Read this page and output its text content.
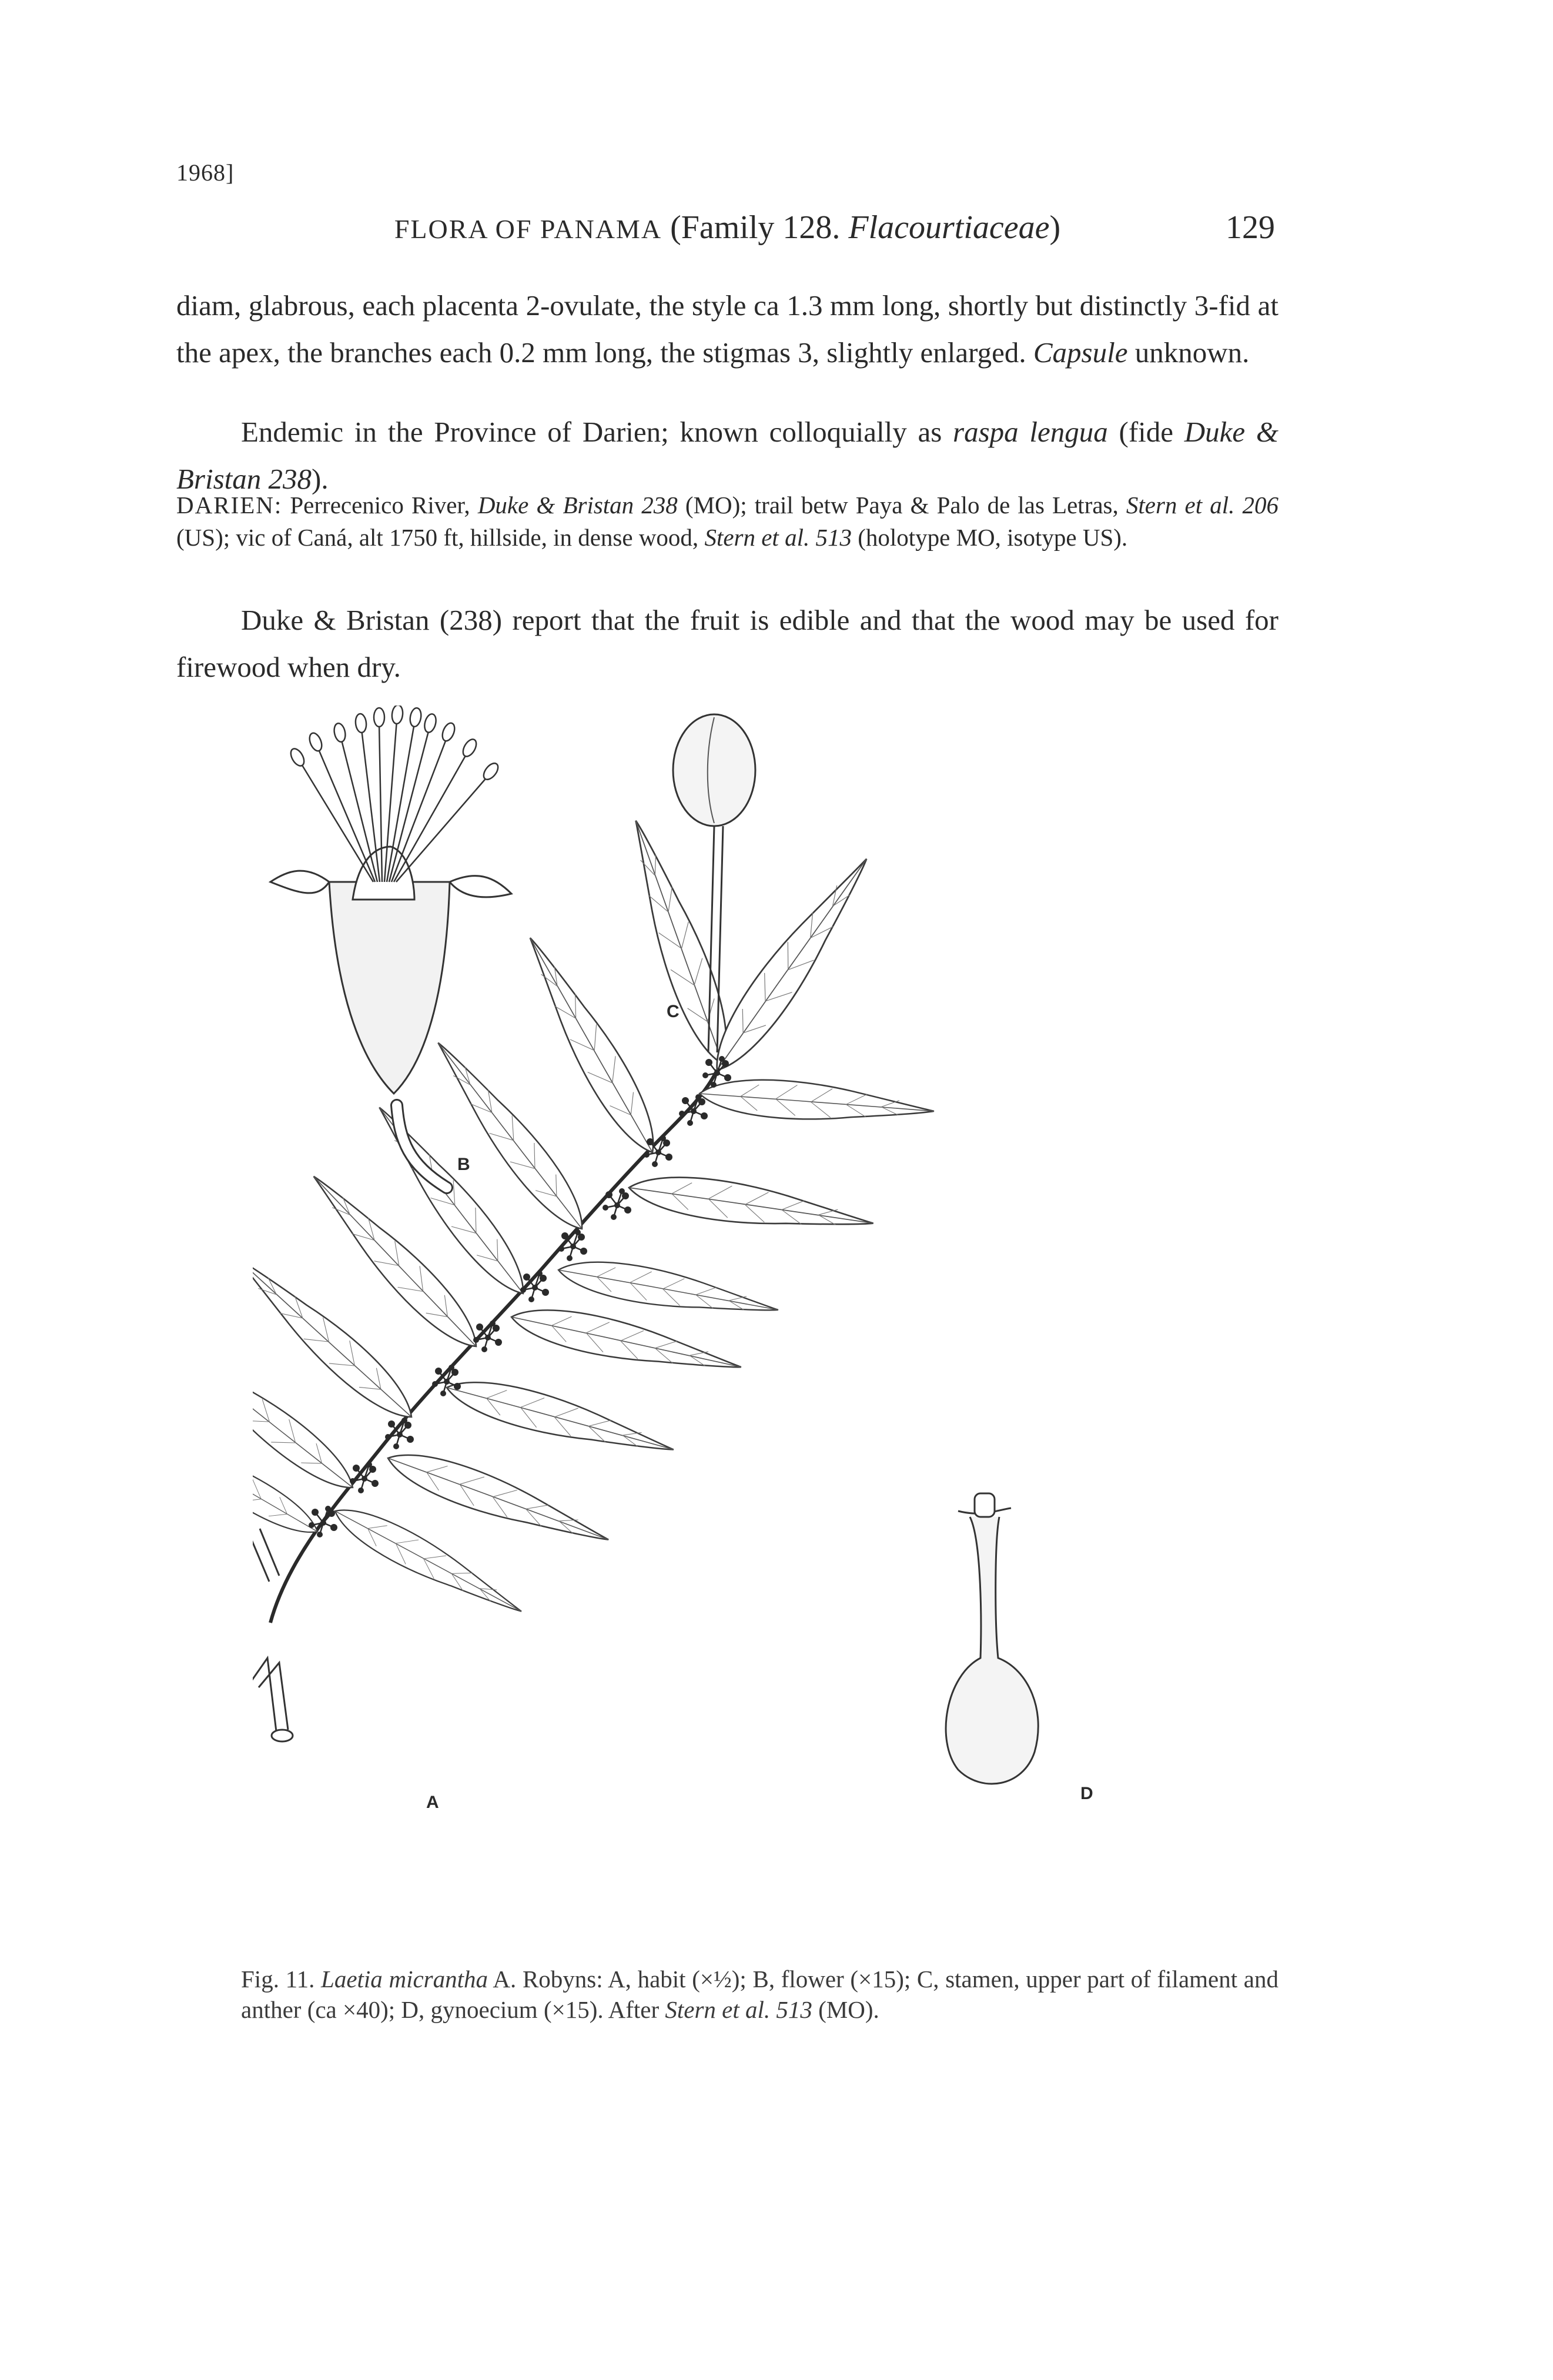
1968]
FLORA OF PANAMA (Family 128. Flacourtiaceae)	129
diam, glabrous, each placenta 2-ovulate, the style ca 1.3 mm long, shortly but distinctly 3-fid at the apex, the branches each 0.2 mm long, the stigmas 3, slightly enlarged. Capsule unknown.
Endemic in the Province of Darien; known colloquially as raspa lengua (fide Duke & Bristan 238).
DARIEN: Perrecenico River, Duke & Bristan 238 (MO); trail betw Paya & Palo de las Letras, Stern et al. 206 (US); vic of Caná, alt 1750 ft, hillside, in dense wood, Stern et al. 513 (holotype MO, isotype US).
Duke & Bristan (238) report that the fruit is edible and that the wood may be used for firewood when dry.
A
B
C
D
Fig. 11. Laetia micrantha A. Robyns: A, habit (×½); B, flower (×15); C, stamen, upper part of filament and anther (ca ×40); D, gynoecium (×15). After Stern et al. 513 (MO).
